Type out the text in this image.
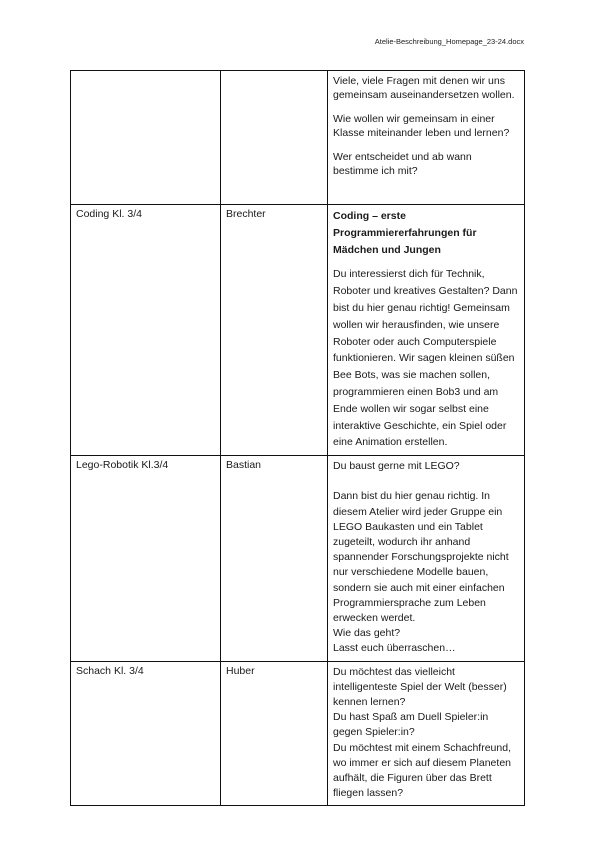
Atelie-Beschreibung_Homepage_23-24.docx

		Viele, viele Fragen mit denen wir uns gemeinsam auseinandersetzen wollen.

Wie wollen wir gemeinsam in einer Klasse miteinander leben und lernen?

Wer entscheidet und ab wann bestimme ich mit?

Coding Kl. 3/4	Brechter	Coding – erste Programmiererfahrungen für Mädchen und Jungen

Du interessierst dich für Technik, Roboter und kreatives Gestalten? Dann bist du hier genau richtig! Gemeinsam wollen wir herausfinden, wie unsere Roboter oder auch Computerspiele funktionieren. Wir sagen kleinen süßen Bee Bots, was sie machen sollen, programmieren einen Bob3 und am Ende wollen wir sogar selbst eine interaktive Geschichte, ein Spiel oder eine Animation erstellen.

Lego-Robotik Kl.3/4	Bastian	Du baust gerne mit LEGO?

Dann bist du hier genau richtig. In diesem Atelier wird jeder Gruppe ein LEGO Baukasten und ein Tablet zugeteilt, wodurch ihr anhand spannender Forschungsprojekte nicht nur verschiedene Modelle bauen, sondern sie auch mit einer einfachen Programmiersprache zum Leben erwecken werdet.

Wie das geht?

Lasst euch überraschen…

Schach Kl. 3/4	Huber	Du möchtest das vielleicht intelligenteste Spiel der Welt (besser) kennen lernen?

Du hast Spaß am Duell Spieler:in gegen Spieler:in?

Du möchtest mit einem Schachfreund, wo immer er sich auf diesem Planeten aufhält, die Figuren über das Brett fliegen lassen?
